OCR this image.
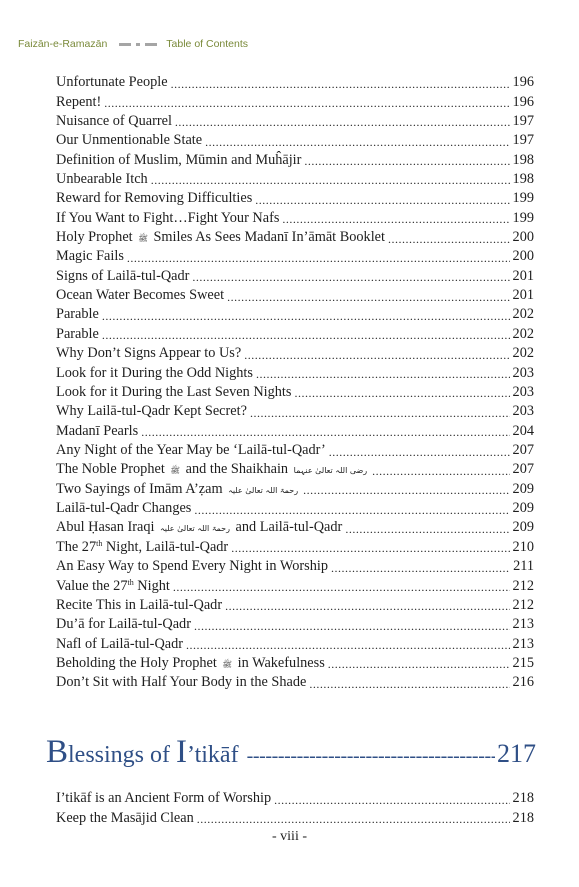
Faizān-e-Ramazān	Table of Contents
Unfortunate People .....	196
Repent! .....	196
Nuisance of Quarrel .....	197
Our Unmentionable State .....	197
Definition of Muslim, Mūmin and Muĥājir .....	198
Unbearable Itch .....	198
Reward for Removing Difficulties .....	199
If You Want to Fight…Fight Your Nafs .....	199
Holy Prophet ﷺ Smiles As Sees Madanī In’āmāt Booklet .....	200
Magic Fails .....	200
Signs of Lailā-tul-Qadr .....	201
Ocean Water Becomes Sweet .....	201
Parable .....	202
Parable .....	202
Why Don’t Signs Appear to Us? .....	202
Look for it During the Odd Nights .....	203
Look for it During the Last Seven Nights .....	203
Why Lailā-tul-Qadr Kept Secret? .....	203
Madanī Pearls .....	204
Any Night of the Year May be ‘Lailā-tul-Qadr’ .....	207
The Noble Prophet ﷺ and the Shaikhain رضی اللہ تعالیٰ عنہما .....	207
Two Sayings of Imām A’ẓam رحمۃ اللہ تعالیٰ علیہ .....	209
Lailā-tul-Qadr Changes .....	209
Abul Ḥasan Iraqi رحمۃ اللہ تعالیٰ علیہ and Lailā-tul-Qadr .....	209
The 27th Night, Lailā-tul-Qadr .....	210
An Easy Way to Spend Every Night in Worship .....	211
Value the 27th Night .....	212
Recite This in Lailā-tul-Qadr .....	212
Du’ā for Lailā-tul-Qadr .....	213
Nafl of Lailā-tul-Qadr .....	213
Beholding the Holy Prophet ﷺ in Wakefulness .....	215
Don’t Sit with Half Your Body in the Shade .....	216
B lessings of I ’tikāf -----	217
I’tikāf is an Ancient Form of Worship .....	218
Keep the Masājid Clean .....	218
- viii -
